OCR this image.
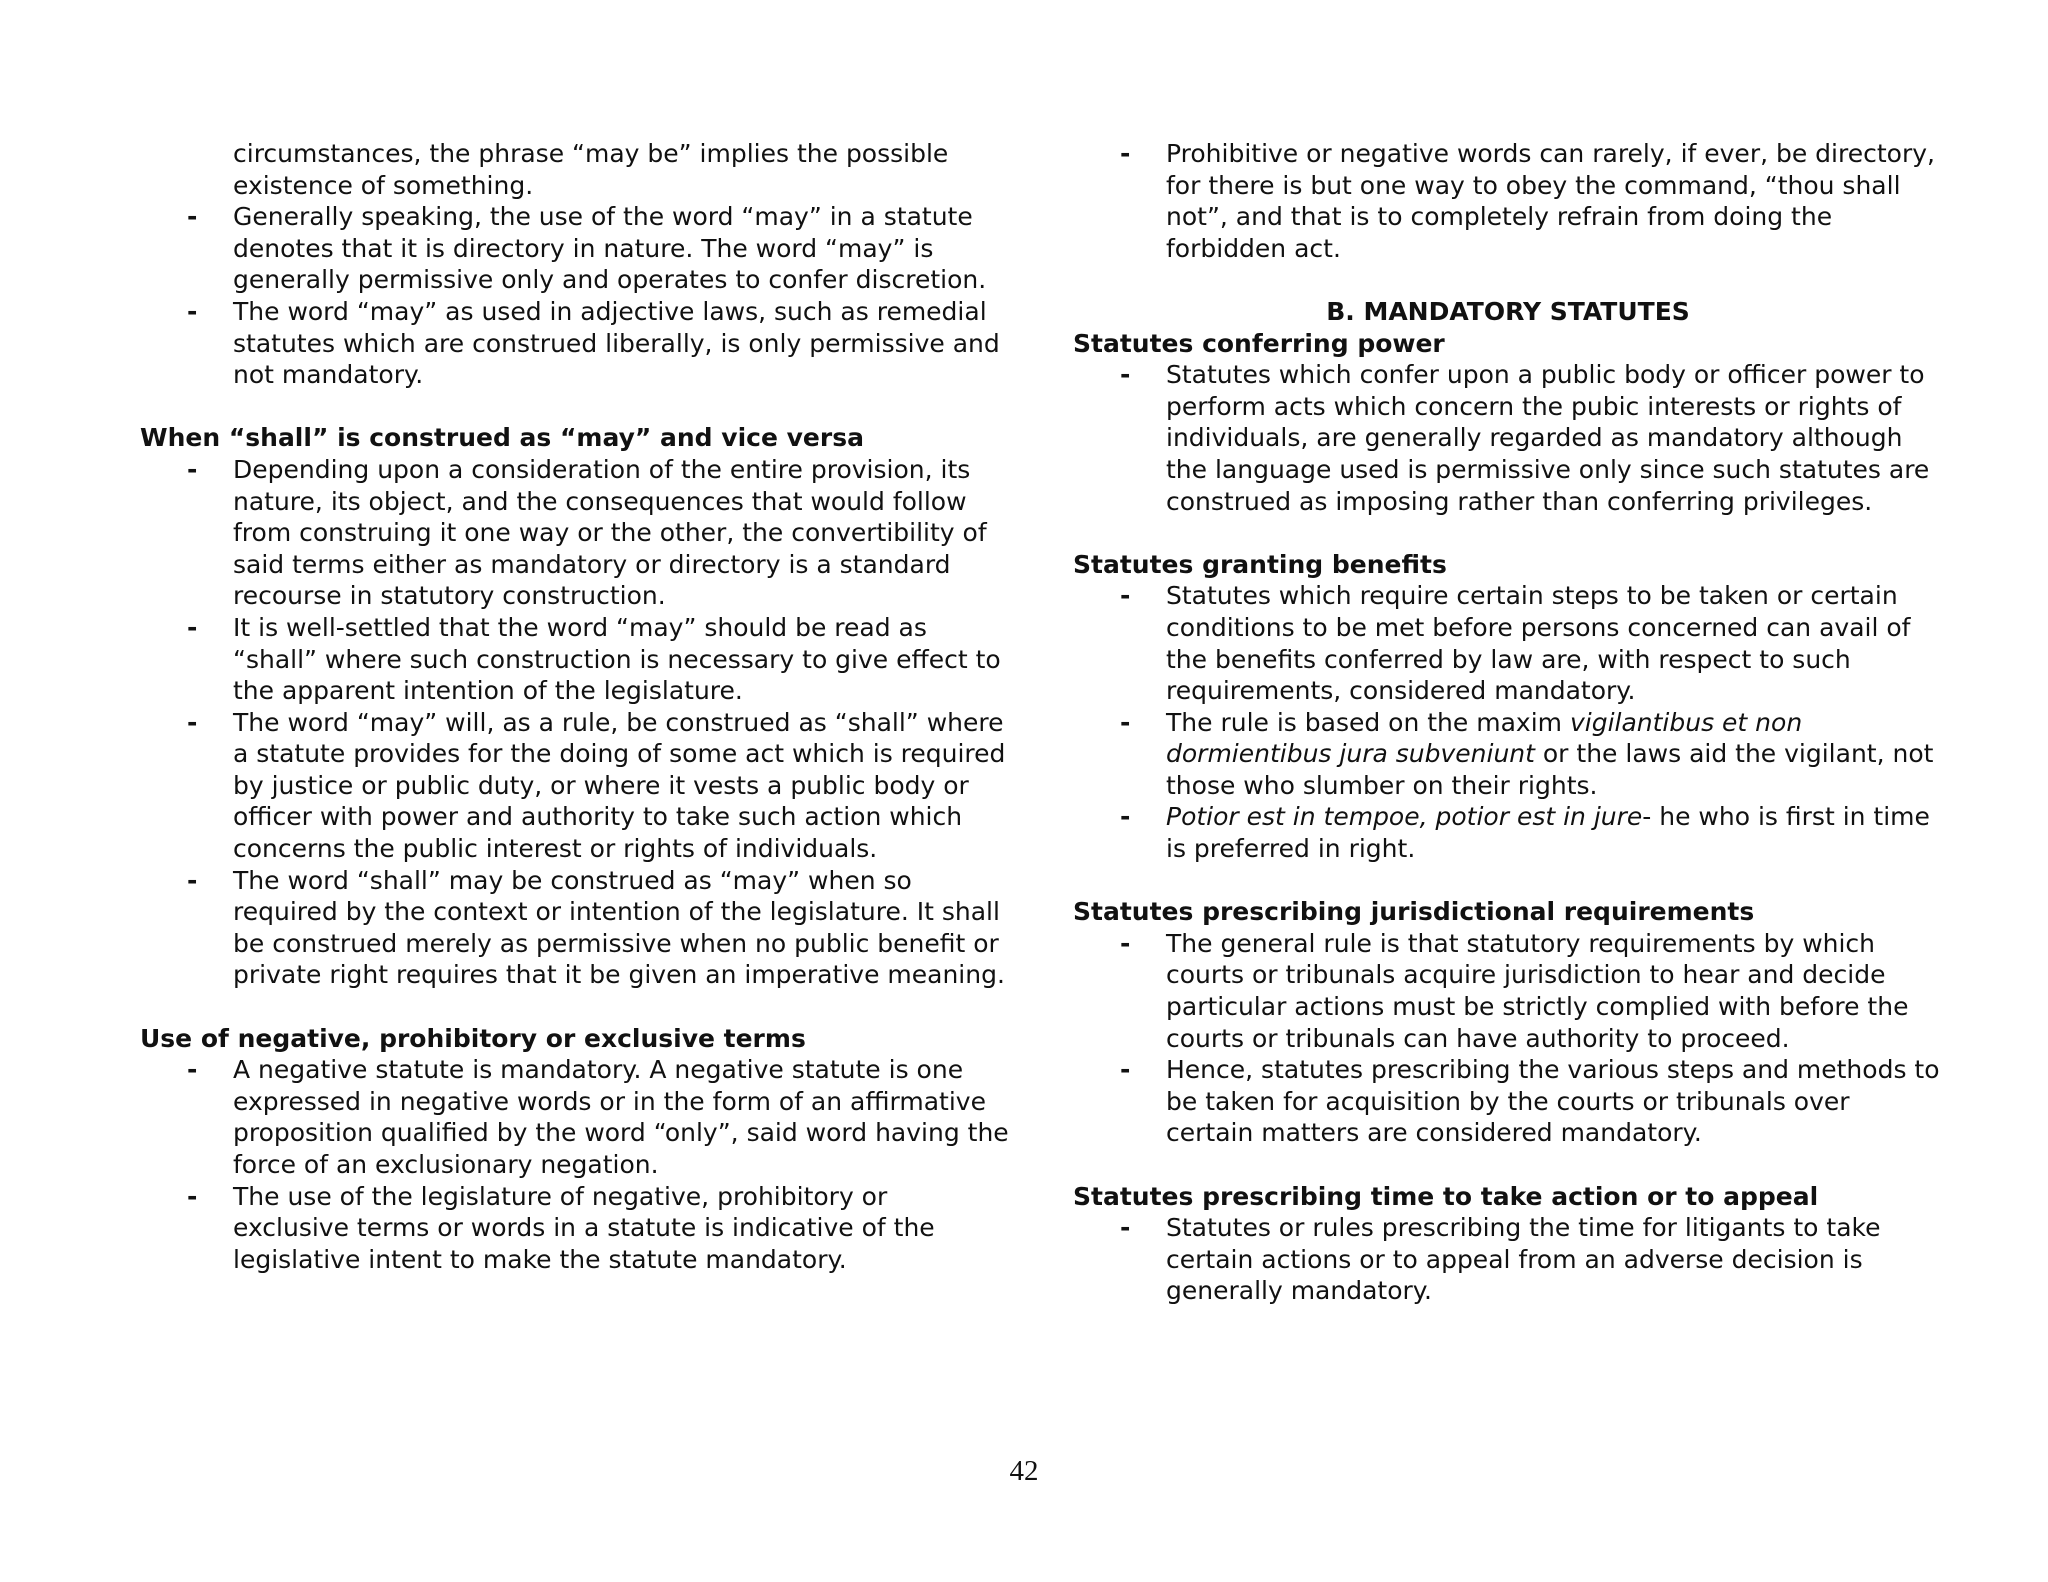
circumstances, the phrase “may be” implies the possible existence of something.

- Generally speaking, the use of the word “may” in a statute denotes that it is directory in nature. The word “may” is generally permissive only and operates to confer discretion.
- The word “may” as used in adjective laws, such as remedial statutes which are construed liberally, is only permissive and not mandatory.

When “shall” is construed as “may” and vice versa

- Depending upon a consideration of the entire provision, its nature, its object, and the consequences that would follow from construing it one way or the other, the convertibility of said terms either as mandatory or directory is a standard recourse in statutory construction.
- It is well-settled that the word “may” should be read as “shall” where such construction is necessary to give effect to the apparent intention of the legislature.
- The word “may” will, as a rule, be construed as “shall” where a statute provides for the doing of some act which is required by justice or public duty, or where it vests a public body or officer with power and authority to take such action which concerns the public interest or rights of individuals.
- The word “shall” may be construed as “may” when so required by the context or intention of the legislature. It shall be construed merely as permissive when no public benefit or private right requires that it be given an imperative meaning.

Use of negative, prohibitory or exclusive terms

- A negative statute is mandatory. A negative statute is one expressed in negative words or in the form of an affirmative proposition qualified by the word “only”, said word having the force of an exclusionary negation.
- The use of the legislature of negative, prohibitory or exclusive terms or words in a statute is indicative of the legislative intent to make the statute mandatory.
- Prohibitive or negative words can rarely, if ever, be directory, for there is but one way to obey the command, “thou shall not”, and that is to completely refrain from doing the forbidden act.

B. MANDATORY STATUTES

Statutes conferring power

- Statutes which confer upon a public body or officer power to perform acts which concern the pubic interests or rights of individuals, are generally regarded as mandatory although the language used is permissive only since such statutes are construed as imposing rather than conferring privileges.

Statutes granting benefits

- Statutes which require certain steps to be taken or certain conditions to be met before persons concerned can avail of the benefits conferred by law are, with respect to such requirements, considered mandatory.
- The rule is based on the maxim vigilantibus et non dormientibus jura subveniunt or the laws aid the vigilant, not those who slumber on their rights.
- Potior est in tempoe, potior est in jure- he who is first in time is preferred in right.

Statutes prescribing jurisdictional requirements

- The general rule is that statutory requirements by which courts or tribunals acquire jurisdiction to hear and decide particular actions must be strictly complied with before the courts or tribunals can have authority to proceed.
- Hence, statutes prescribing the various steps and methods to be taken for acquisition by the courts or tribunals over certain matters are considered mandatory.

Statutes prescribing time to take action or to appeal

- Statutes or rules prescribing the time for litigants to take certain actions or to appeal from an adverse decision is generally mandatory.
42
